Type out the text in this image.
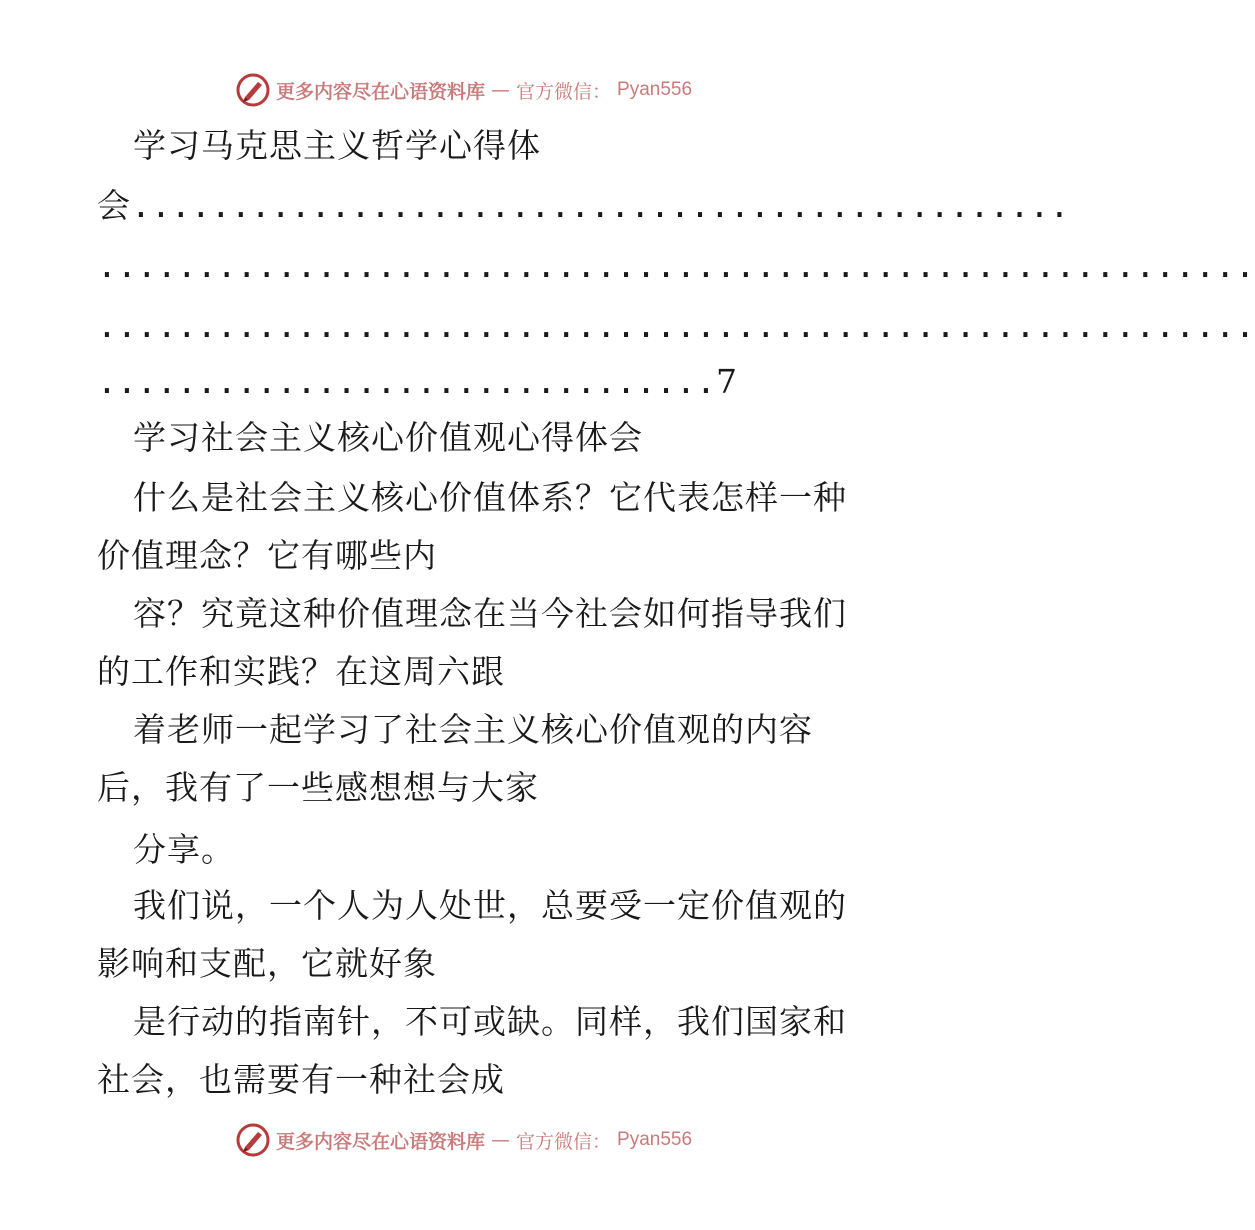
更多内容尽在心语资料库 — 官方微信： Pyan556
学习马克思主义哲学心得体
会...............................................
..........................................................
..........................................................
...............................7
学习社会主义核心价值观心得体会
什么是社会主义核心价值体系？它代表怎样一种
价值理念？它有哪些内
容？究竟这种价值理念在当今社会如何指导我们
的工作和实践？在这周六跟
着老师一起学习了社会主义核心价值观的内容
后，我有了一些感想想与大家
分享。
我们说，一个人为人处世，总要受一定价值观的
影响和支配，它就好象
是行动的指南针，不可或缺。同样，我们国家和
社会，也需要有一种社会成
更多内容尽在心语资料库 — 官方微信： Pyan556
